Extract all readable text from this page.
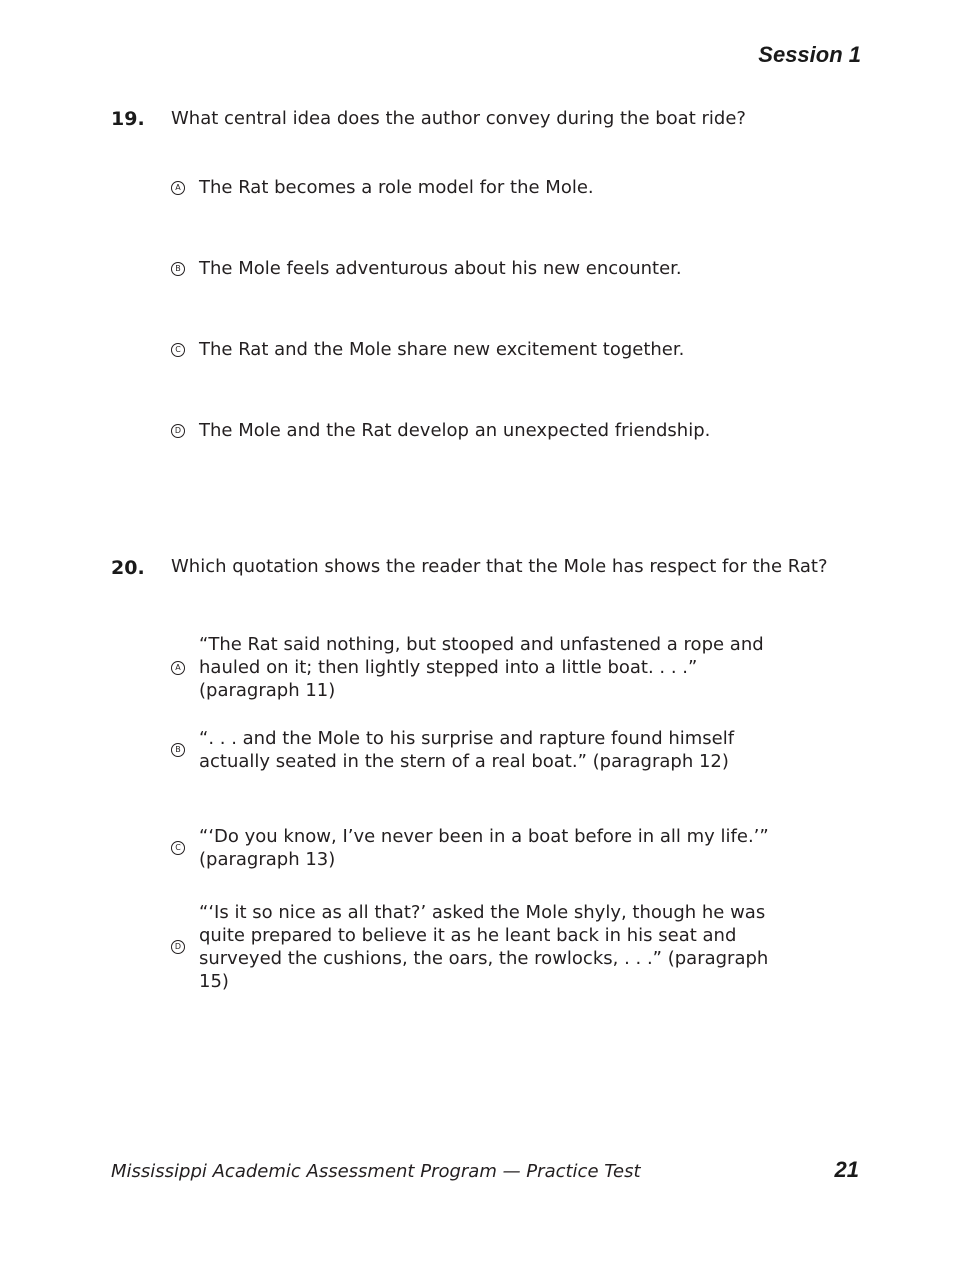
Session 1
19. What central idea does the author convey during the boat ride?
A The Rat becomes a role model for the Mole.
B The Mole feels adventurous about his new encounter.
C The Rat and the Mole share new excitement together.
D The Mole and the Rat develop an unexpected friendship.
20. Which quotation shows the reader that the Mole has respect for the Rat?
A
“The Rat said nothing, but stooped and unfastened a rope and hauled on it; then lightly stepped into a little boat. . . .” (paragraph 11)
B
“. . . and the Mole to his surprise and rapture found himself actually seated in the stern of a real boat.” (paragraph 12)
C
“‘Do you know, I’ve never been in a boat before in all my life.’” (paragraph 13)
D
“‘Is it so nice as all that?’ asked the Mole shyly, though he was quite prepared to believe it as he leant back in his seat and surveyed the cushions, the oars, the rowlocks, . . .” (paragraph 15)
Mississippi Academic Assessment Program — Practice Test	21
